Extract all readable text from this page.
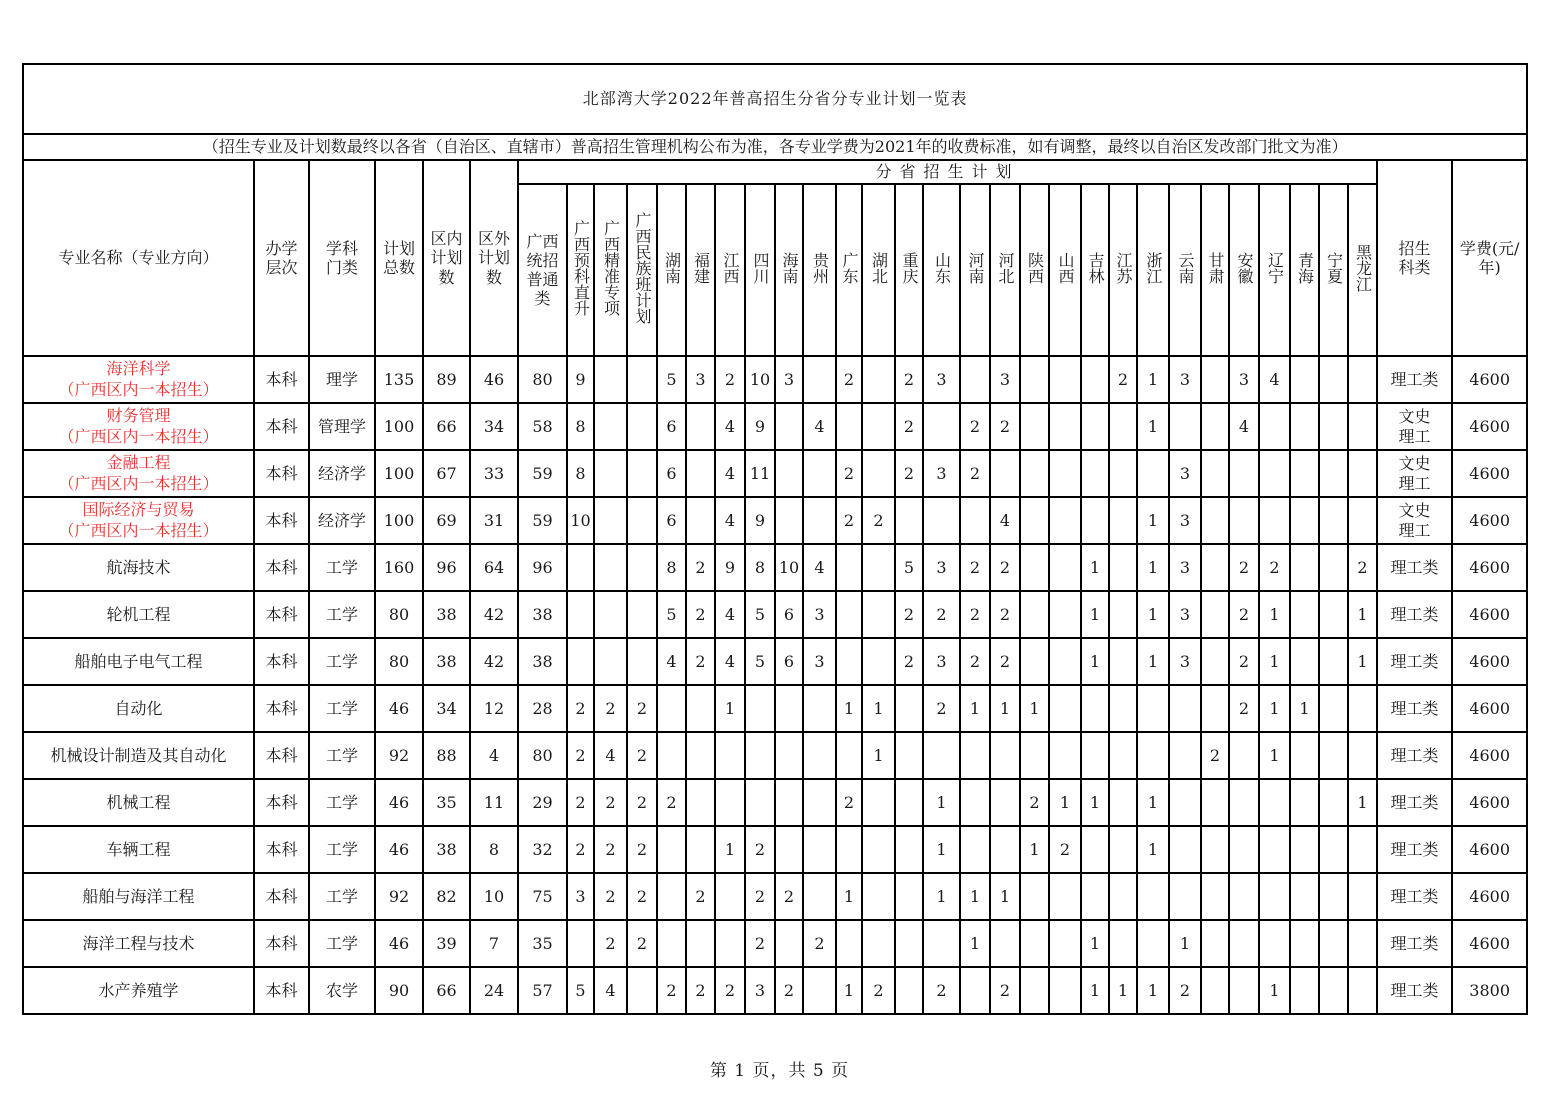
北部湾大学2022年普高招生分省分专业计划一览表																																			
（招生专业及计划数最终以各省（自治区、直辖市）普高招生管理机构公布为准，各专业学费为2021年的收费标准，如有调整，最终以自治区发改部门批文为准）																																			
专业名称（专业方向）	办学层次	学科门类	计划总数	区内计划数	区外计划数	分省招生计划																												招生科类	学费(元/年)
						广西统招普通类	广西预科直升	广西精准专项	广西民族班计划	湖南	福建	江西	四川	海南	贵州	广东	湖北	重庆	山东	河南	河北	陕西	山西	吉林	江苏	浙江	云南	甘肃	安徽	辽宁	青海	宁夏	黑龙江		

海洋科学
（广西区内一本招生）	本科	理学	135	89	46	80	9			5	3	2	10	3		2		2	3		3				2	1	3		3	4				理工类	4600

财务管理
（广西区内一本招生）	本科	管理学	100	66	34	58	8			6		4	9		4			2		2	2					1			4					文史理工	4600

金融工程
（广西区内一本招生）	本科	经济学	100	67	33	59	8			6		4	11			2		2	3	2							3							文史理工	4600

国际经济与贸易
（广西区内一本招生）	本科	经济学	100	69	31	59	10			6		4	9			2	2				4					1	3							文史理工	4600
航海技术	本科	工学	160	96	64	96				8	2	9	8	10	4			5	3	2	2			1		1	3		2	2			2	理工类	4600
轮机工程	本科	工学	80	38	42	38				5	2	4	5	6	3			2	2	2	2			1		1	3		2	1			1	理工类	4600
船舶电子电气工程	本科	工学	80	38	42	38				4	2	4	5	6	3			2	3	2	2			1		1	3		2	1			1	理工类	4600
自动化	本科	工学	46	34	12	28	2	2	2			1				1	1		2	1	1	1							2	1	1			理工类	4600
机械设计制造及其自动化	本科	工学	92	88	4	80	2	4	2								1											2		1				理工类	4600
机械工程	本科	工学	46	35	11	29	2	2	2	2						2			1			2	1	1		1							1	理工类	4600
车辆工程	本科	工学	46	38	8	32	2	2	2			1	2						1			1	2			1								理工类	4600
船舶与海洋工程	本科	工学	92	82	10	75	3	2	2		2		2	2		1			1	1	1													理工类	4600
海洋工程与技术	本科	工学	46	39	7	35		2	2				2		2					1				1			1							理工类	4600
水产养殖学	本科	农学	90	66	24	57	5	4		2	2	2	3	2		1	2		2		2			1	1	1	2			1				理工类	3800
第 1 页，共 5 页
